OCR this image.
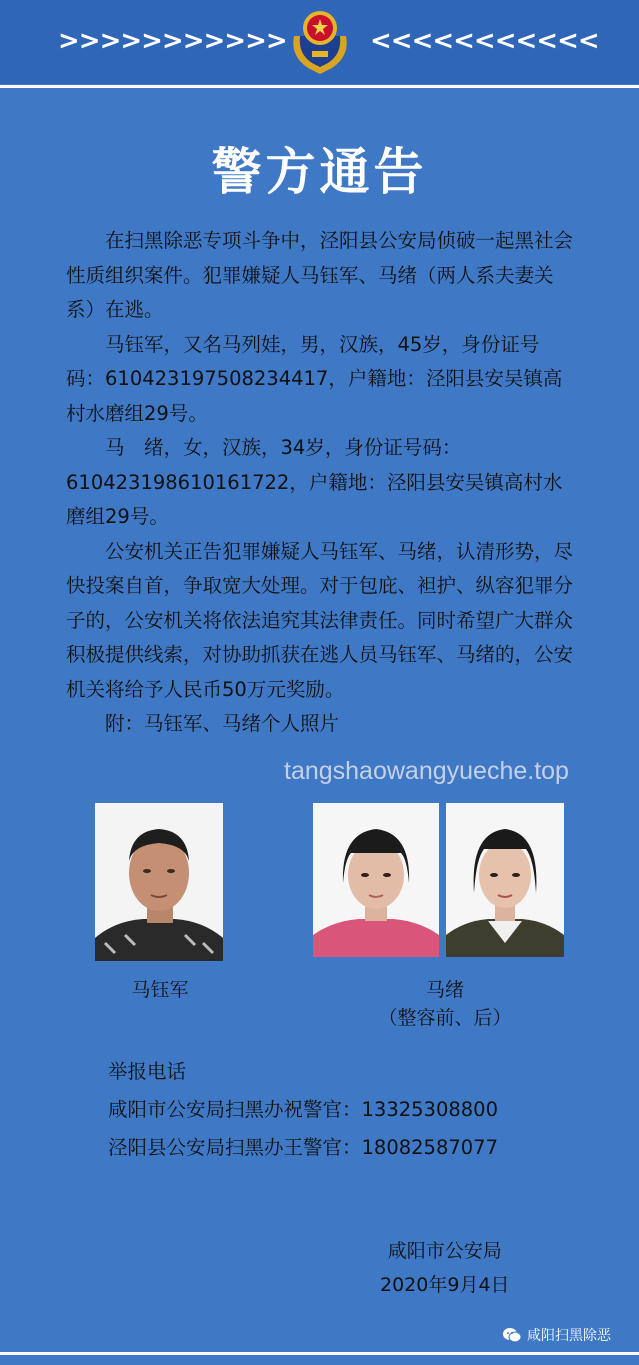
>>>>>>>>>>>	<<<<<<<<<<<
警方通告

在扫黑除恶专项斗争中，泾阳县公安局侦破一起黑社会性质组织案件。犯罪嫌疑人马钰军、马绪（两人系夫妻关系）在逃。

马钰军，又名马列娃，男，汉族，45岁，身份证号码：610423197508234417，户籍地：泾阳县安吴镇高村水磨组29号。

马　绪，女，汉族，34岁，身份证号码：610423198610161722，户籍地：泾阳县安吴镇高村水磨组29号。

公安机关正告犯罪嫌疑人马钰军、马绪，认清形势，尽快投案自首，争取宽大处理。对于包庇、袒护、纵容犯罪分子的，公安机关将依法追究其法律责任。同时希望广大群众积极提供线索，对协助抓获在逃人员马钰军、马绪的，公安机关将给予人民币50万元奖励。

附：马钰军、马绪个人照片

tangshaowangyueche.top
马钰军	马绪
（整容前、后）
举报电话
咸阳市公安局扫黑办祝警官：13325308800
泾阳县公安局扫黑办王警官：18082587077
咸阳市公安局
2020年9月4日
咸阳扫黑除恶
